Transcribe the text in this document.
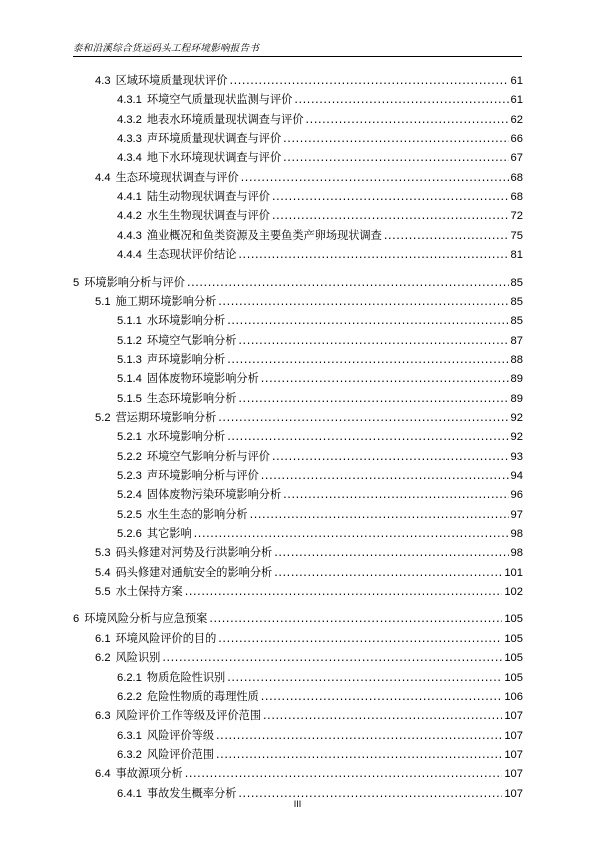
泰和沿溪综合货运码头工程环境影响报告书
4.3 区域环境质量现状评价 .....	61
4.3.1 环境空气质量现状监测与评价 .....	61
4.3.2 地表水环境质量现状调查与评价 .....	62
4.3.3 声环境质量现状调查与评价 .....	66
4.3.4 地下水环境现状调查与评价 .....	67
4.4 生态环境现状调查与评价 .....	68
4.4.1 陆生动物现状调查与评价 .....	68
4.4.2 水生生物现状调查与评价 .....	72
4.4.3 渔业概况和鱼类资源及主要鱼类产卵场现状调查 .....	75
4.4.4 生态现状评价结论 .....	81
5 环境影响分析与评价 .....	85
5.1 施工期环境影响分析 .....	85
5.1.1 水环境影响分析 .....	85
5.1.2 环境空气影响分析 .....	87
5.1.3 声环境影响分析 .....	88
5.1.4 固体废物环境影响分析 .....	89
5.1.5 生态环境影响分析 .....	89
5.2 营运期环境影响分析 .....	92
5.2.1 水环境影响分析 .....	92
5.2.2 环境空气影响分析与评价 .....	93
5.2.3 声环境影响分析与评价 .....	94
5.2.4 固体废物污染环境影响分析 .....	96
5.2.5 水生生态的影响分析 .....	97
5.2.6 其它影响 .....	98
5.3 码头修建对河势及行洪影响分析 .....	98
5.4 码头修建对通航安全的影响分析 .....	101
5.5 水土保持方案 .....	102
6 环境风险分析与应急预案 .....	105
6.1 环境风险评价的目的 .....	105
6.2 风险识别 .....	105
6.2.1 物质危险性识别 .....	105
6.2.2 危险性物质的毒理性质 .....	106
6.3 风险评价工作等级及评价范围 .....	107
6.3.1 风险评价等级 .....	107
6.3.2 风险评价范围 .....	107
6.4 事故源项分析 .....	107
6.4.1 事故发生概率分析 .....	107
III
